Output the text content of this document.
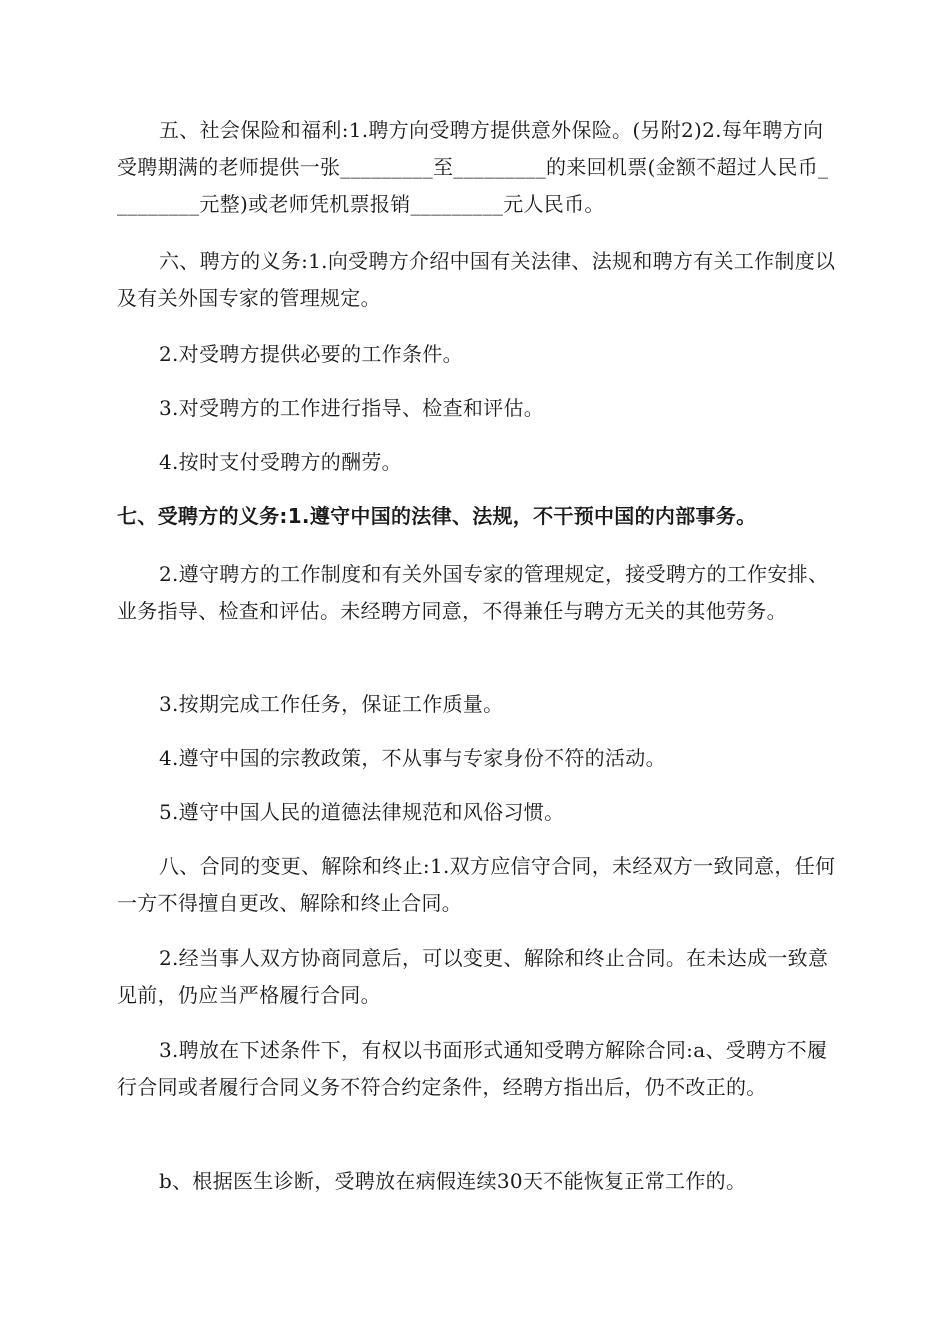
五、社会保险和福利:1.聘方向受聘方提供意外保险。(另附2)2.每年聘方向受聘期满的老师提供一张_________至_________的来回机票(金额不超过人民币_________元整)或老师凭机票报销_________元人民币。

六、聘方的义务:1.向受聘方介绍中国有关法律、法规和聘方有关工作制度以及有关外国专家的管理规定。

2.对受聘方提供必要的工作条件。

3.对受聘方的工作进行指导、检查和评估。

4.按时支付受聘方的酬劳。

七、受聘方的义务:1.遵守中国的法律、法规，不干预中国的内部事务。

2.遵守聘方的工作制度和有关外国专家的管理规定，接受聘方的工作安排、业务指导、检查和评估。未经聘方同意，不得兼任与聘方无关的其他劳务。

3.按期完成工作任务，保证工作质量。

4.遵守中国的宗教政策，不从事与专家身份不符的活动。

5.遵守中国人民的道德法律规范和风俗习惯。

八、合同的变更、解除和终止:1.双方应信守合同，未经双方一致同意，任何一方不得擅自更改、解除和终止合同。

2.经当事人双方协商同意后，可以变更、解除和终止合同。在未达成一致意见前，仍应当严格履行合同。

3.聘放在下述条件下，有权以书面形式通知受聘方解除合同:a、受聘方不履行合同或者履行合同义务不符合约定条件，经聘方指出后，仍不改正的。

b、根据医生诊断，受聘放在病假连续30天不能恢复正常工作的。
